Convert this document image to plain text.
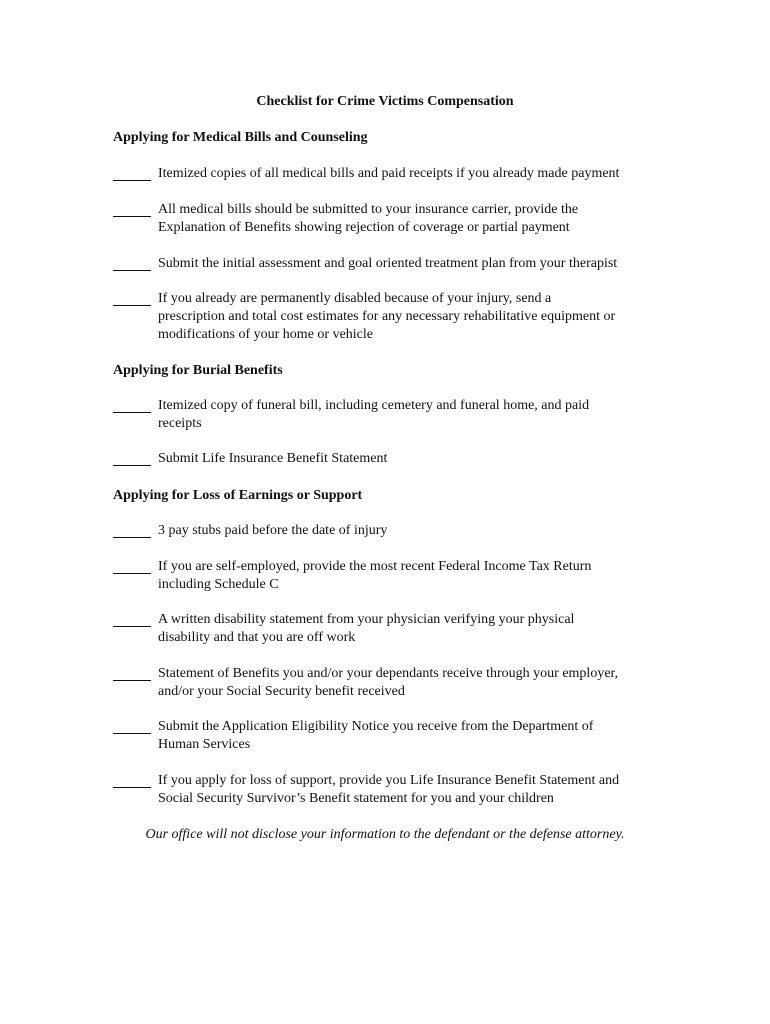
Checklist for Crime Victims Compensation
Applying for Medical Bills and Counseling
Itemized copies of all medical bills and paid receipts if you already made payment
All medical bills should be submitted to your insurance carrier, provide the
Explanation of Benefits showing rejection of coverage or partial payment
Submit the initial assessment and goal oriented treatment plan from your therapist
If you already are permanently disabled because of your injury, send a
prescription and total cost estimates for any necessary rehabilitative equipment or
modifications of your home or vehicle
Applying for Burial Benefits
Itemized copy of funeral bill, including cemetery and funeral home, and paid
receipts
Submit Life Insurance Benefit Statement
Applying for Loss of Earnings or Support
3 pay stubs paid before the date of injury
If you are self-employed, provide the most recent Federal Income Tax Return
including Schedule C
A written disability statement from your physician verifying your physical
disability and that you are off work
Statement of Benefits you and/or your dependants receive through your employer,
and/or your Social Security benefit received
Submit the Application Eligibility Notice you receive from the Department of
Human Services
If you apply for loss of support, provide you Life Insurance Benefit Statement and
Social Security Survivor’s Benefit statement for you and your children
Our office will not disclose your information to the defendant or the defense attorney.
